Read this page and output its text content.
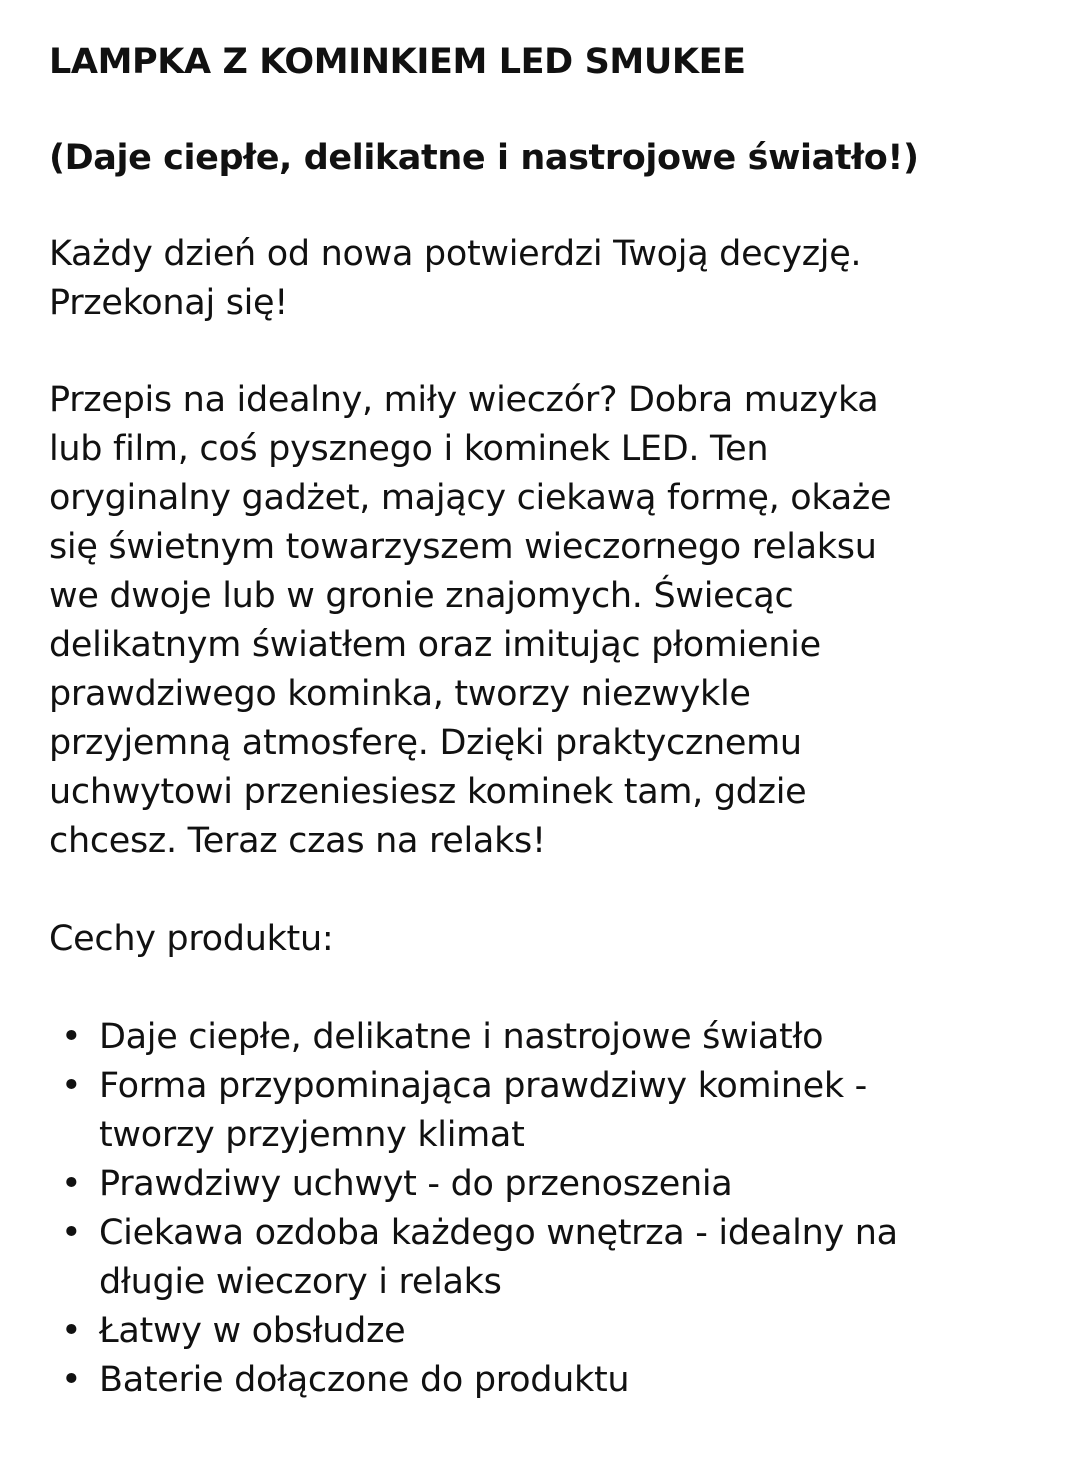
LAMPKA Z KOMINKIEM LED SMUKEE

(Daje ciepłe, delikatne i nastrojowe światło!)

Każdy dzień od nowa potwierdzi Twoją decyzję.
Przekonaj się!

Przepis na idealny, miły wieczór? Dobra muzyka
lub film, coś pysznego i kominek LED. Ten
oryginalny gadżet, mający ciekawą formę, okaże
się świetnym towarzyszem wieczornego relaksu
we dwoje lub w gronie znajomych. Świecąc
delikatnym światłem oraz imitując płomienie
prawdziwego kominka, tworzy niezwykle
przyjemną atmosferę. Dzięki praktycznemu
uchwytowi przeniesiesz kominek tam, gdzie
chcesz. Teraz czas na relaks!

Cechy produktu:

• Daje ciepłe, delikatne i nastrojowe światło
• Forma przypominająca prawdziwy kominek -
tworzy przyjemny klimat
• Prawdziwy uchwyt - do przenoszenia
• Ciekawa ozdoba każdego wnętrza - idealny na
długie wieczory i relaks
• Łatwy w obsłudze
• Baterie dołączone do produktu
